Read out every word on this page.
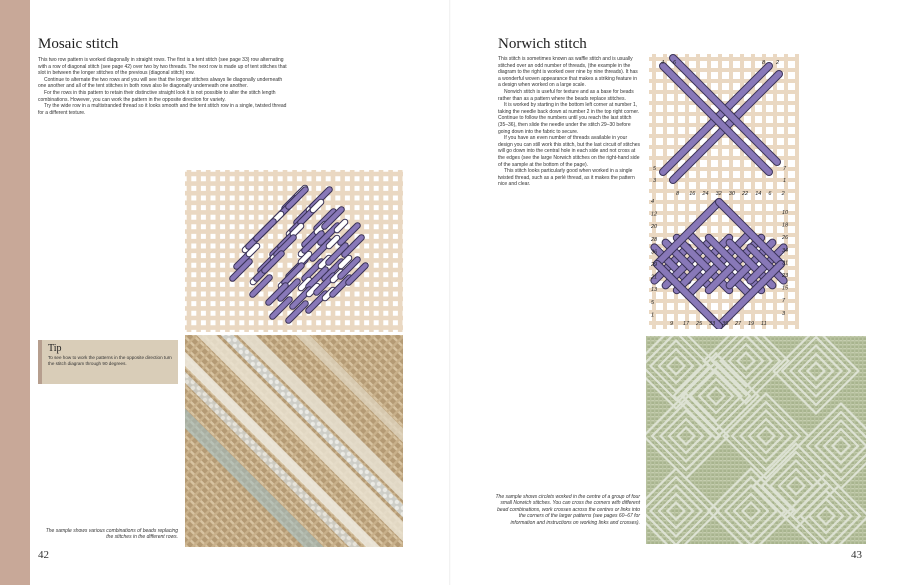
Mosaic stitch

This two row pattern is worked diagonally in straight rows. The first is a tent stitch (see page 33) row alternating with a row of diagonal stitch (see page 42) over two by two threads. The next row is made up of tent stitches that slot in between the longer stitches of the previous (diagonal stitch) row.

Continue to alternate the two rows and you will see that the longer stitches always lie diagonally underneath one another and all of the tent stitches in both rows also lie diagonally underneath one another.

For the rows in this pattern to retain their distinctive straight look it is not possible to alter the stitch length combinations. However, you can work the pattern in the opposite direction for variety.

Try the wide row in a multistranded thread so it looks smooth and the tent stitch row in a single, twisted thread for a different texture.

Tip

To see how to work the patterns in the opposite direction turn the stitch diagram through 90 degrees.

The sample shows various combinations of beads replacing the stitches in the different rows.

42
Norwich stitch

This stitch is sometimes known as waffle stitch and is usually stitched over an odd number of threads, (the example in the diagram to the right is worked over nine by nine threads). It has a wonderful woven appearance that makes a striking feature in a design when worked on a large scale.

Norwich stitch is useful for texture and as a base for beads rather than as a pattern where the beads replace stitches.

It is worked by starting in the bottom left corner at number 1, taking the needle back down at number 2 in the top right corner. Continue to follow the numbers until you reach the last stitch (35–36), then slide the needle under the stitch 29–30 before going down into the fabric to secure.

If you have an even number of threads available in your design you can still work this stitch, but the last circuit of stitches will go down into the central hole in each side and not cross at the edges (see the large Norwich stitches on the right-hand side of the sample at the bottom of the page).

This stitch looks particularly good when worked in a single twisted thread, such as a perlé thread, as it makes the pattern nice and clear.

4 6	8 2
5
3
7
1
8 16 24 32 30 22 14 6 2
4
12
20
28
36
29
21
13
5
1
10
18
26
34
31
23
15
7
3
9 17 25 33 35 27 19 11

The sample shows circlets worked in the centre of a group of four small Norwich stitches. You can cross the corners with different bead combinations, work crosses across the centres or links into the corners of the larger patterns (see pages 60–67 for information and instructions on working links and crosses).

43
